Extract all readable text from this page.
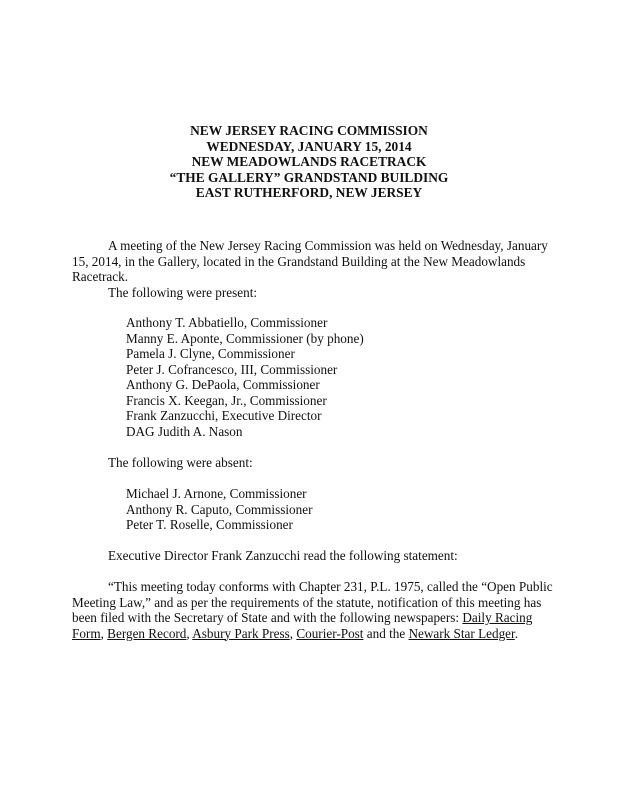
NEW JERSEY RACING COMMISSION
WEDNESDAY, JANUARY 15, 2014
NEW MEADOWLANDS RACETRACK
“THE GALLERY” GRANDSTAND BUILDING
EAST RUTHERFORD, NEW JERSEY
A meeting of the New Jersey Racing Commission was held on Wednesday, January
15, 2014, in the Gallery, located in the Grandstand Building at the New Meadowlands
Racetrack.
The following were present:
Anthony T. Abbatiello, Commissioner
Manny E. Aponte, Commissioner (by phone)
Pamela J. Clyne, Commissioner
Peter J. Cofrancesco, III, Commissioner
Anthony G. DePaola, Commissioner
Francis X. Keegan, Jr., Commissioner
Frank Zanzucchi, Executive Director
DAG Judith A. Nason
The following were absent:
Michael J. Arnone, Commissioner
Anthony R. Caputo, Commissioner
Peter T. Roselle, Commissioner
Executive Director Frank Zanzucchi read the following statement:
“This meeting today conforms with Chapter 231, P.L. 1975, called the “Open Public
Meeting Law,” and as per the requirements of the statute, notification of this meeting has
been filed with the Secretary of State and with the following newspapers: Daily Racing
Form, Bergen Record, Asbury Park Press, Courier-Post and the Newark Star Ledger.
